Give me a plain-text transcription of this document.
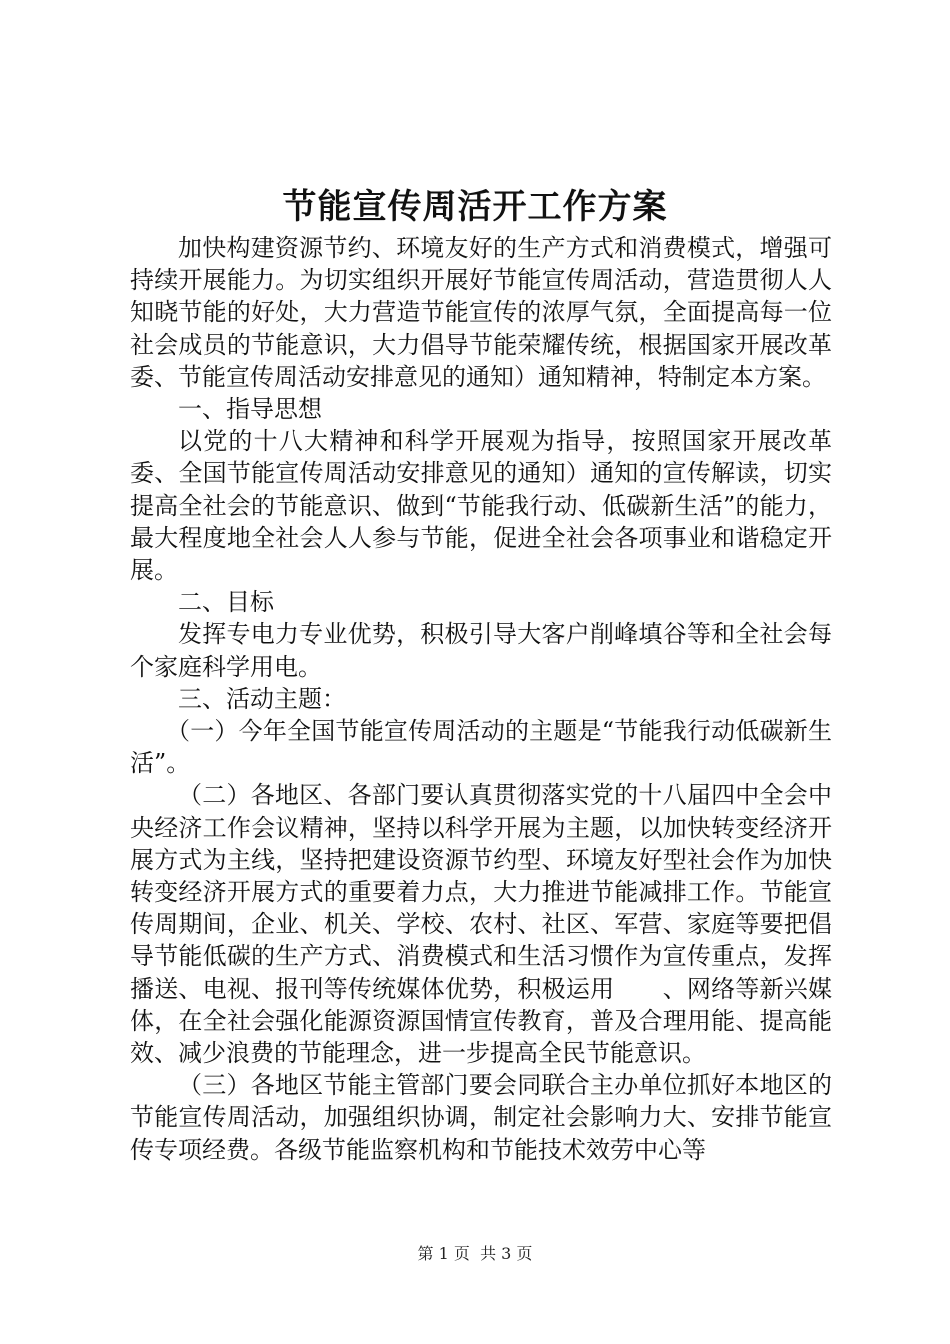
节能宣传周活开工作方案

加快构建资源节约、环境友好的生产方式和消费模式，增强可持续开展能力。为切实组织开展好节能宣传周活动，营造贯彻人人知晓节能的好处，大力营造节能宣传的浓厚气氛，全面提高每一位社会成员的节能意识，大力倡导节能荣耀传统，根据国家开展改革委、节能宣传周活动安排意见的通知）通知精神，特制定本方案。

一、指导思想

以党的十八大精神和科学开展观为指导，按照国家开展改革委、全国节能宣传周活动安排意见的通知）通知的宣传解读，切实提高全社会的节能意识、做到“节能我行动、低碳新生活”的能力，最大程度地全社会人人参与节能，促进全社会各项事业和谐稳定开展。

二、目标

发挥专电力专业优势，积极引导大客户削峰填谷等和全社会每个家庭科学用电。

三、活动主题：

（一）今年全国节能宣传周活动的主题是“节能我行动低碳新生活”。

（二）各地区、各部门要认真贯彻落实党的十八届四中全会中央经济工作会议精神，坚持以科学开展为主题，以加快转变经济开展方式为主线，坚持把建设资源节约型、环境友好型社会作为加快转变经济开展方式的重要着力点，大力推进节能减排工作。节能宣传周期间，企业、机关、学校、农村、社区、军营、家庭等要把倡导节能低碳的生产方式、消费模式和生活习惯作为宣传重点，发挥播送、电视、报刊等传统媒体优势，积极运用　　、网络等新兴媒体，在全社会强化能源资源国情宣传教育，普及合理用能、提高能效、减少浪费的节能理念，进一步提高全民节能意识。

（三）各地区节能主管部门要会同联合主办单位抓好本地区的节能宣传周活动，加强组织协调，制定社会影响力大、安排节能宣传专项经费。各级节能监察机构和节能技术效劳中心等

第 1 页  共 3 页
